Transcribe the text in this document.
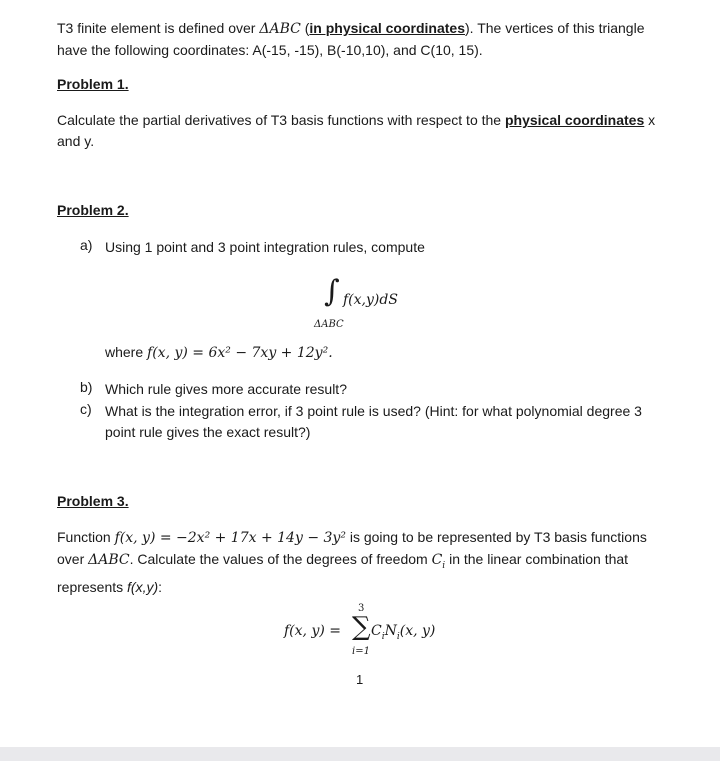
T3 finite element is defined over ΔABC (in physical coordinates). The vertices of this triangle have the following coordinates: A(-15, -15), B(-10,10), and C(10, 15).
Problem 1.
Calculate the partial derivatives of T3 basis functions with respect to the physical coordinates x and y.
Problem 2.
a) Using 1 point and 3 point integration rules, compute
∫ f(x,y)dS
ΔABC
where f(x, y) = 6x² − 7xy + 12y².
b) Which rule gives more accurate result?
c) What is the integration error, if 3 point rule is used? (Hint: for what polynomial degree 3 point rule gives the exact result?)
Problem 3.
Function f(x, y) = −2x² + 17x + 14y − 3y² is going to be represented by T3 basis functions over ΔABC. Calculate the values of the degrees of freedom $C_i$ in the linear combination that represents f(x,y):
f(x, y) =
3
∑
i=1
$C_iN_i(x$, y)
1
